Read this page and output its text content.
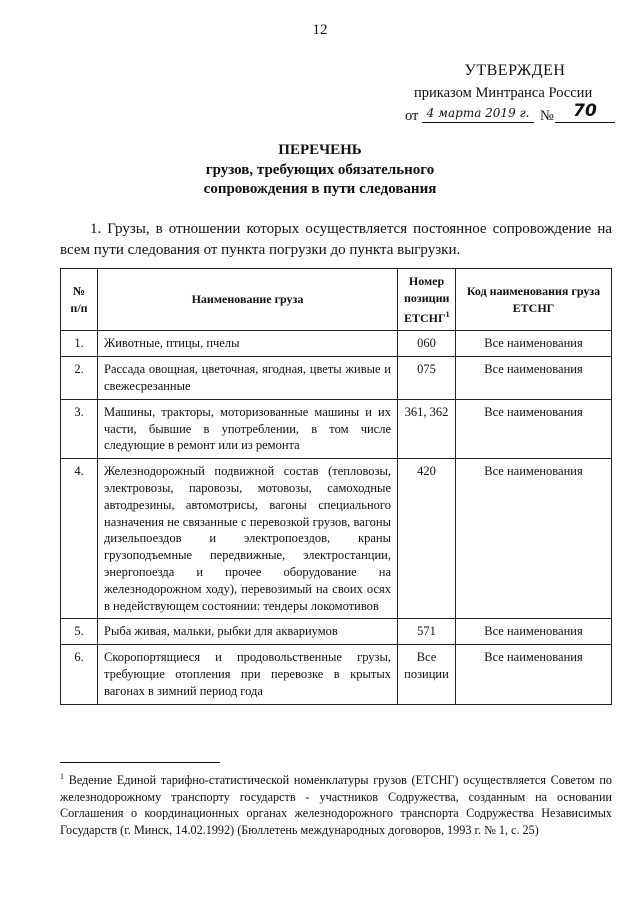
12
УТВЕРЖДЕН
приказом Минтранса России
от 4 марта 2019 г. №	70
ПЕРЕЧЕНЬ
грузов, требующих обязательного
сопровождения в пути следования
1. Грузы, в отношении которых осуществляется постоянное сопровождение на всем пути следования от пункта погрузки до пункта выгрузки.
№ п/п	Наименование груза	Номер позиции ЕТСНГ$^1$	Код наименования груза ЕТСНГ
1.	Животные, птицы, пчелы	060	Все наименования
2.	Рассада овощная, цветочная, ягодная, цветы живые и свежесрезанные	075	Все наименования
3.	Машины, тракторы, моторизованные машины и их части, бывшие в употреблении, в том числе следующие в ремонт или из ремонта	361, 362	Все наименования
4.	Железнодорожный подвижной состав (тепловозы, электровозы, паровозы, мотовозы, самоходные автодрезины, автомотрисы, вагоны специального назначения не связанные с перевозкой грузов, вагоны дизельпоездов и электропоездов, краны грузоподъемные передвижные, электростанции, энергопоезда и прочее оборудование на железнодорожном ходу), перевозимый на своих осях в недействующем состоянии: тендеры локомотивов	420	Все наименования
5.	Рыба живая, мальки, рыбки для аквариумов	571	Все наименования
6.	Скоропортящиеся и продовольственные грузы, требующие отопления при перевозке в крытых вагонах в зимний период года	Все позиции	Все наименования
$^1$ Ведение Единой тарифно-статистической номенклатуры грузов (ЕТСНГ) осуществляется Советом по железнодорожному транспорту государств - участников Содружества, созданным на основании Соглашения о координационных органах железнодорожного транспорта Содружества Независимых Государств (г. Минск, 14.02.1992) (Бюллетень международных договоров, 1993 г. № 1, с. 25)
